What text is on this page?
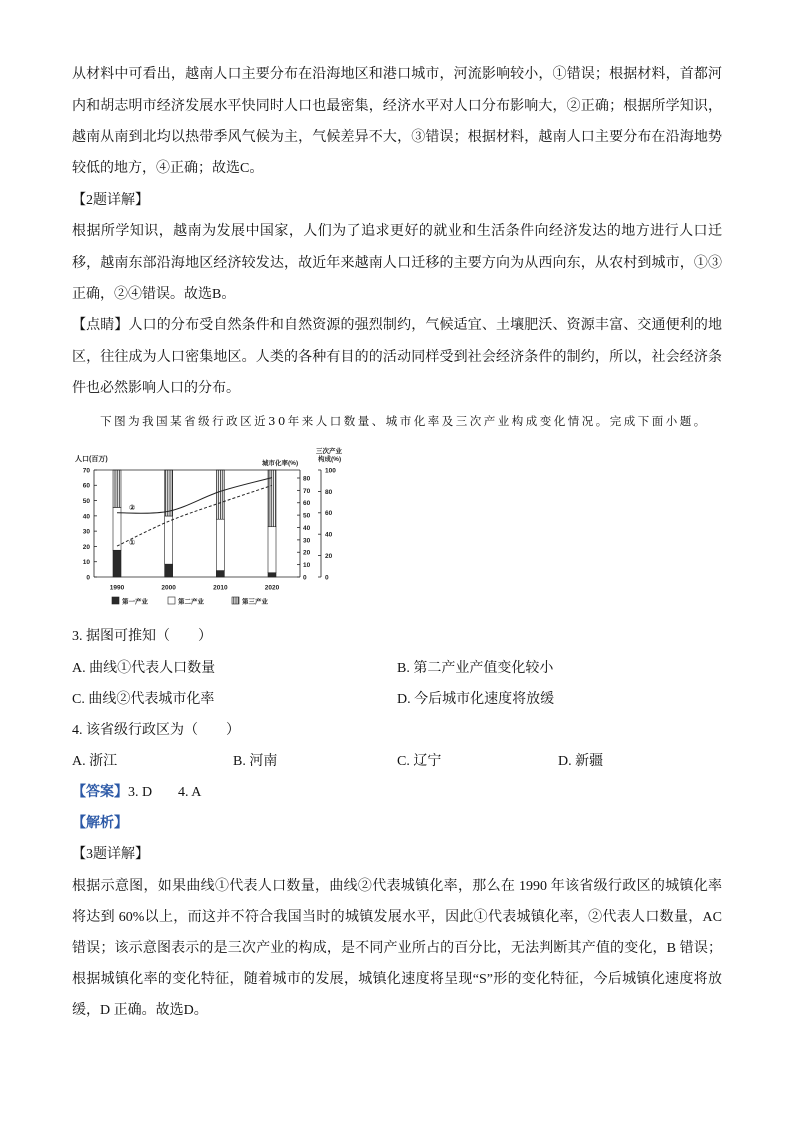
从材料中可看出，越南人口主要分布在沿海地区和港口城市，河流影响较小，①错误；根据材料，首都河
内和胡志明市经济发展水平快同时人口也最密集，经济水平对人口分布影响大，②正确；根据所学知识，
越南从南到北均以热带季风气候为主，气候差异不大，③错误；根据材料，越南人口主要分布在沿海地势
较低的地方，④正确；故选C。
【2题详解】
根据所学知识，越南为发展中国家，人们为了追求更好的就业和生活条件向经济发达的地方进行人口迁
移，越南东部沿海地区经济较发达，故近年来越南人口迁移的主要方向为从西向东，从农村到城市，①③
正确，②④错误。故选B。
【点睛】人口的分布受自然条件和自然资源的强烈制约，气候适宜、土壤肥沃、资源丰富、交通便利的地
区，往往成为人口密集地区。人类的各种有目的的活动同样受到社会经济条件的制约，所以，社会经济条
件也必然影响人口的分布。
下图为我国某省级行政区近30年来人口数量、城市化率及三次产业构成变化情况。完成下面小题。
70
60
50
40
30
20
10
0
80
70
60
50
40
30
20
10
0
100
80
60
40
20
0
人口(百万)
城市化率(%)
三次产业
构成(%)
1990	2000	2010	2020
②
①
第一产业	第二产业	第三产业
3. 据图可推知（　　）
A. 曲线①代表人口数量	B. 第二产业产值变化较小
C. 曲线②代表城市化率	D. 今后城市化速度将放缓
4. 该省级行政区为（　　）
A. 浙江	B. 河南	C. 辽宁	D. 新疆
【答案】 3. D 4. A
【解析】
【3题详解】
根据示意图，如果曲线①代表人口数量，曲线②代表城镇化率，那么在 1990 年该省级行政区的城镇化率
将达到 60%以上，而这并不符合我国当时的城镇发展水平，因此①代表城镇化率，②代表人口数量，AC
错误；该示意图表示的是三次产业的构成，是不同产业所占的百分比，无法判断其产值的变化，B 错误；
根据城镇化率的变化特征，随着城市的发展，城镇化速度将呈现“S”形的变化特征，今后城镇化速度将放
缓，D 正确。故选D。
